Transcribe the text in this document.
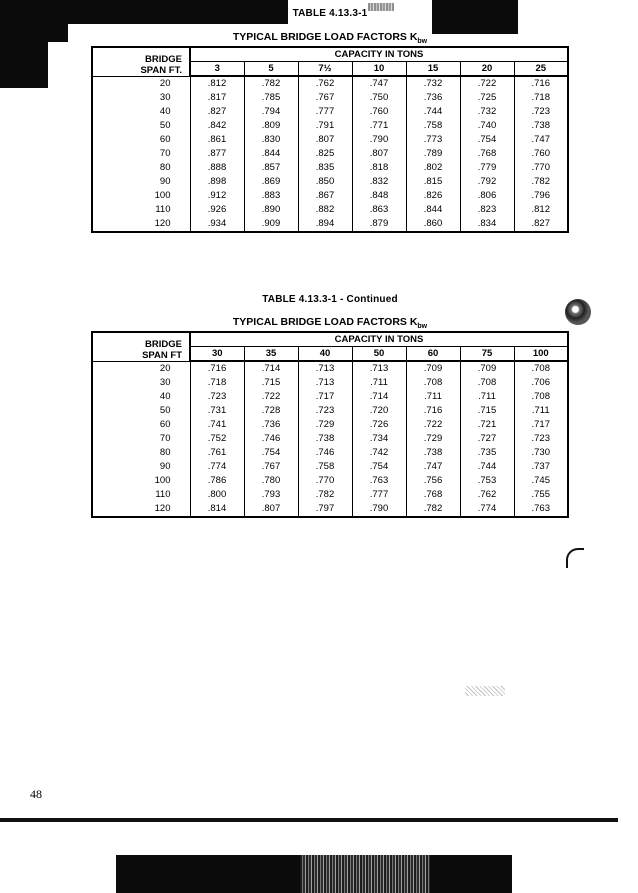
TABLE 4.13.3-1
TYPICAL BRIDGE LOAD FACTORS $K_{bw}$
BRIDGE
SPAN FT.	CAPACITY IN TONS						
	3	5	7½	10	15	20	25
20	.812	.782	.762	.747	.732	.722	.716
30	.817	.785	.767	.750	.736	.725	.718
40	.827	.794	.777	.760	.744	.732	.723
50	.842	.809	.791	.771	.758	.740	.738
60	.861	.830	.807	.790	.773	.754	.747
70	.877	.844	.825	.807	.789	.768	.760
80	.888	.857	.835	.818	.802	.779	.770
90	.898	.869	.850	.832	.815	.792	.782
100	.912	.883	.867	.848	.826	.806	.796
110	.926	.890	.882	.863	.844	.823	.812
120	.934	.909	.894	.879	.860	.834	.827
TABLE 4.13.3-1 - Continued
TYPICAL BRIDGE LOAD FACTORS $K_{bw}$
BRIDGE
SPAN FT	CAPACITY IN TONS						
	30	35	40	50	60	75	100
20	.716	.714	.713	.713	.709	.709	.708
30	.718	.715	.713	.711	.708	.708	.706
40	.723	.722	.717	.714	.711	.711	.708
50	.731	.728	.723	.720	.716	.715	.711
60	.741	.736	.729	.726	.722	.721	.717
70	.752	.746	.738	.734	.729	.727	.723
80	.761	.754	.746	.742	.738	.735	.730
90	.774	.767	.758	.754	.747	.744	.737
100	.786	.780	.770	.763	.756	.753	.745
110	.800	.793	.782	.777	.768	.762	.755
120	.814	.807	.797	.790	.782	.774	.763
48
